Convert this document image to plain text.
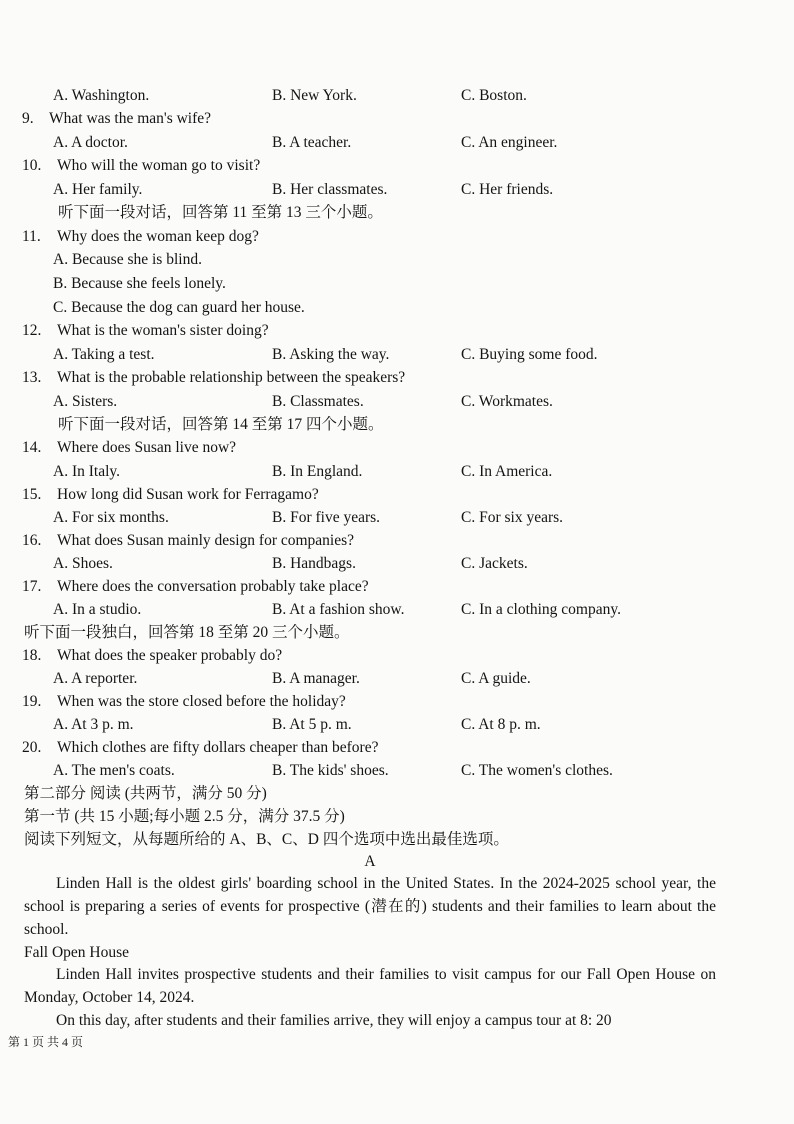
A. Washington.	B. New York.	C. Boston.
9. What was the man's wife?
A. A doctor.	B. A teacher.	C. An engineer.
10. Who will the woman go to visit?
A. Her family.	B. Her classmates.	C. Her friends.
听下面一段对话，回答第 11 至第 13 三个小题。
11. Why does the woman keep dog?
A. Because she is blind.
B. Because she feels lonely.
C. Because the dog can guard her house.
12. What is the woman's sister doing?
A. Taking a test.	B. Asking the way.	C. Buying some food.
13. What is the probable relationship between the speakers?
A. Sisters.	B. Classmates.	C. Workmates.
听下面一段对话，回答第 14 至第 17 四个小题。
14. Where does Susan live now?
A. In Italy.	B. In England.	C. In America.
15. How long did Susan work for Ferragamo?
A. For six months.	B. For five years.	C. For six years.
16. What does Susan mainly design for companies?
A. Shoes.	B. Handbags.	C. Jackets.
17. Where does the conversation probably take place?
A. In a studio.	B. At a fashion show.	C. In a clothing company.
听下面一段独白，回答第 18 至第 20 三个小题。
18. What does the speaker probably do?
A. A reporter.	B. A manager.	C. A guide.
19. When was the store closed before the holiday?
A. At 3 p. m.	B. At 5 p. m.	C. At 8 p. m.
20. Which clothes are fifty dollars cheaper than before?
A. The men's coats.	B. The kids' shoes.	C. The women's clothes.
第二部分 阅读 (共两节，满分 50 分)
第一节 (共 15 小题;每小题 2.5 分，满分 37.5 分)
阅读下列短文，从每题所给的 A、B、C、D 四个选项中选出最佳选项。
A

Linden Hall is the oldest girls' boarding school in the United States. In the 2024-2025 school year, the school is preparing a series of events for prospective (潜在的) students and their families to learn about the school.

Fall Open House

Linden Hall invites prospective students and their families to visit campus for our Fall Open House on Monday, October 14, 2024.

On this day, after students and their families arrive, they will enjoy a campus tour at 8: 20

第 1 页 共 4 页
